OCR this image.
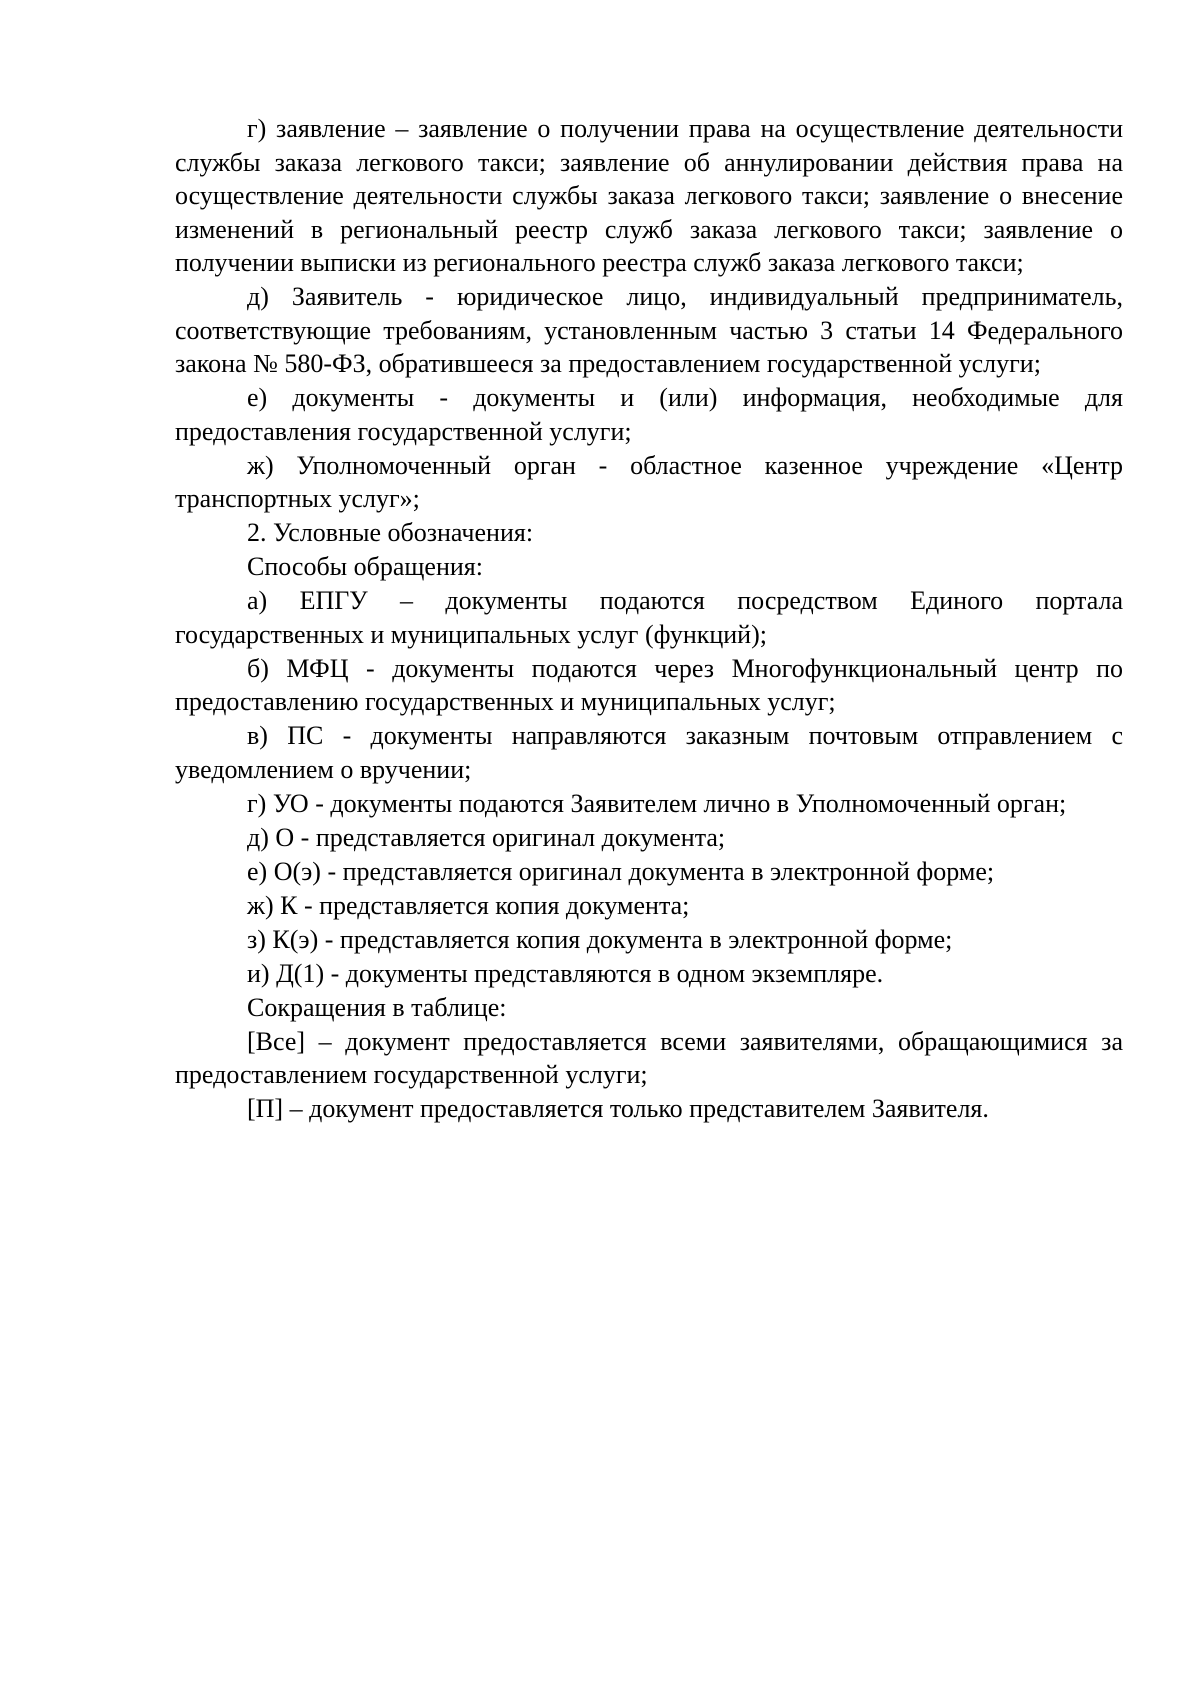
г) заявление – заявление о получении права на осуществление деятельности службы заказа легкового такси; заявление об аннулировании действия права на осуществление деятельности службы заказа легкового такси; заявление о внесение изменений в региональный реестр служб заказа легкового такси; заявление о получении выписки из регионального реестра служб заказа легкового такси;

д) Заявитель - юридическое лицо, индивидуальный предприниматель, соответствующие требованиям, установленным частью 3 статьи 14 Федерального закона № 580-ФЗ, обратившееся за предоставлением государственной услуги;

е) документы - документы и (или) информация, необходимые для предоставления государственной услуги;

ж) Уполномоченный орган - областное казенное учреждение «Центр транспортных услуг»;

2. Условные обозначения:

Способы обращения:

а) ЕПГУ – документы подаются посредством Единого портала государственных и муниципальных услуг (функций);

б) МФЦ - документы подаются через Многофункциональный центр по предоставлению государственных и муниципальных услуг;

в) ПС - документы направляются заказным почтовым отправлением с уведомлением о вручении;

г) УО - документы подаются Заявителем лично в Уполномоченный орган;

д) О - представляется оригинал документа;

е) О(э) - представляется оригинал документа в электронной форме;

ж) К - представляется копия документа;

з) К(э) - представляется копия документа в электронной форме;

и) Д(1) - документы представляются в одном экземпляре.

Сокращения в таблице:

[Все] – документ предоставляется всеми заявителями, обращающимися за предоставлением государственной услуги;

[П] – документ предоставляется только представителем Заявителя.
